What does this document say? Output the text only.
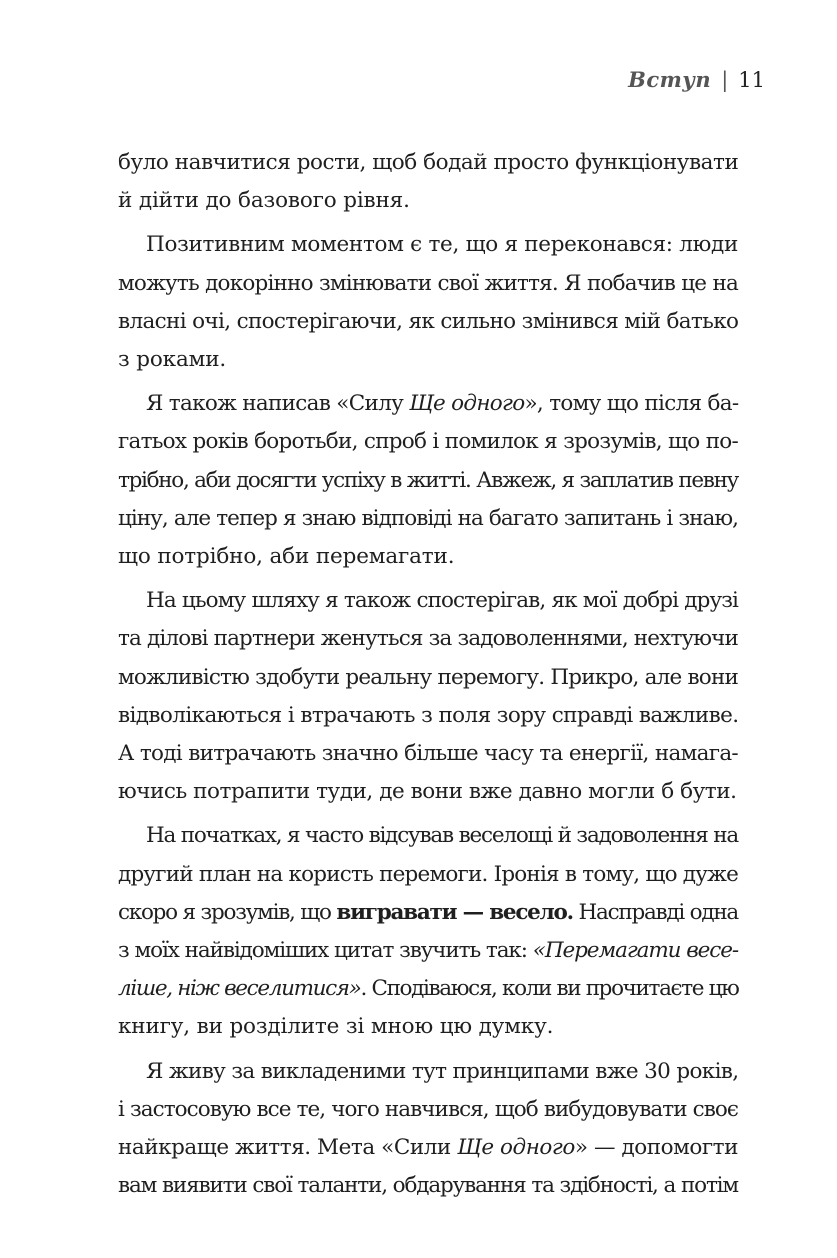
Вступ | 11
було навчитися рости, щоб бодай просто функціонувати
й дійти до базового рівня.
Позитивним моментом є те, що я переконався: люди
можуть докорінно змінювати свої життя. Я побачив це на
власні очі, спостерігаючи, як сильно змінився мій батько
з роками.
Я також написав «Силу Ще одного», тому що після ба-
гатьох років боротьби, спроб і помилок я зрозумів, що по-
трібно, аби досягти успіху в житті. Авжеж, я заплатив певну
ціну, але тепер я знаю відповіді на багато запитань і знаю,
що потрібно, аби перемагати.
На цьому шляху я також спостерігав, як мої добрі друзі
та ділові партнери женуться за задоволеннями, нехтуючи
можливістю здобути реальну перемогу. Прикро, але вони
відволікаються і втрачають з поля зору справді важливе.
А тоді витрачають значно більше часу та енергії, намага-
ючись потрапити туди, де вони вже давно могли б бути.
На початках, я часто відсував веселощі й задоволення на
другий план на користь перемоги. Іронія в тому, що дуже
скоро я зрозумів, що вигравати — весело. Насправді одна
з моїх найвідоміших цитат звучить так: «Перемагати весе-
ліше, ніж веселитися». Сподіваюся, коли ви прочитаєте цю
книгу, ви розділите зі мною цю думку.
Я живу за викладеними тут принципами вже 30 років,
і застосовую все те, чого навчився, щоб вибудовувати своє
найкраще життя. Мета «Сили Ще одного» — допомогти
вам виявити свої таланти, обдарування та здібності, а потім
